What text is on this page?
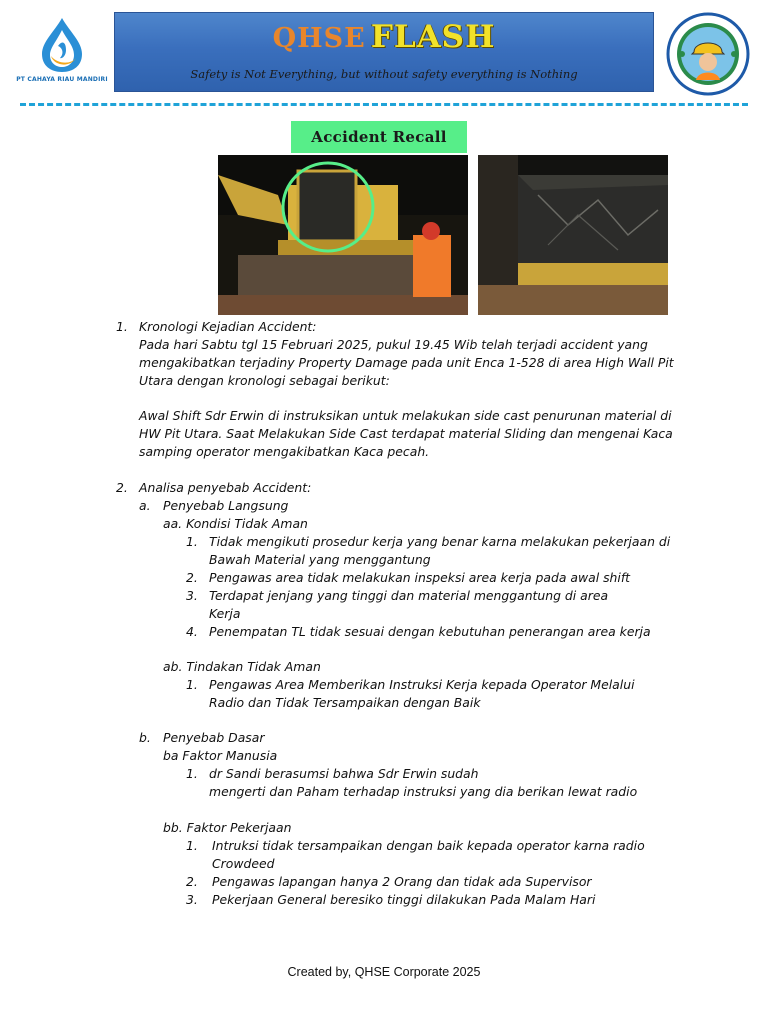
PT CAHAYA RIAU MANDIRI
QHSE FLASH
Safety is Not Everything, but without safety everything is Nothing
Accident Recall
1. Kronologi Kejadian Accident:
Pada hari Sabtu tgl 15 Februari 2025, pukul 19.45 Wib telah terjadi accident yang
mengakibatkan terjadiny Property Damage pada unit Enca 1-528 di area High Wall Pit
Utara dengan kronologi sebagai berikut:
Awal Shift Sdr Erwin di instruksikan untuk melakukan side cast penurunan material di
HW Pit Utara. Saat Melakukan Side Cast terdapat material Sliding dan mengenai Kaca
samping operator mengakibatkan Kaca pecah.
2. Analisa penyebab Accident:
a. Penyebab Langsung
aa. Kondisi Tidak Aman
1. Tidak mengikuti prosedur kerja yang benar karna melakukan pekerjaan di
Bawah Material yang menggantung
2. Pengawas area tidak melakukan inspeksi area kerja pada awal shift
3. Terdapat jenjang yang tinggi dan material menggantung di area
Kerja
4. Penempatan TL tidak sesuai dengan kebutuhan penerangan area kerja
ab. Tindakan Tidak Aman
1. Pengawas Area Memberikan Instruksi Kerja kepada Operator Melalui
Radio dan Tidak Tersampaikan dengan Baik
b. Penyebab Dasar
ba Faktor Manusia
1. dr Sandi berasumsi bahwa Sdr Erwin sudah
mengerti dan Paham terhadap instruksi yang dia berikan lewat radio
bb. Faktor Pekerjaan
1. Intruksi tidak tersampaikan dengan baik kepada operator karna radio
Crowdeed
2. Pengawas lapangan hanya 2 Orang dan tidak ada Supervisor
3. Pekerjaan General beresiko tinggi dilakukan Pada Malam Hari
Created by, QHSE Corporate 2025
